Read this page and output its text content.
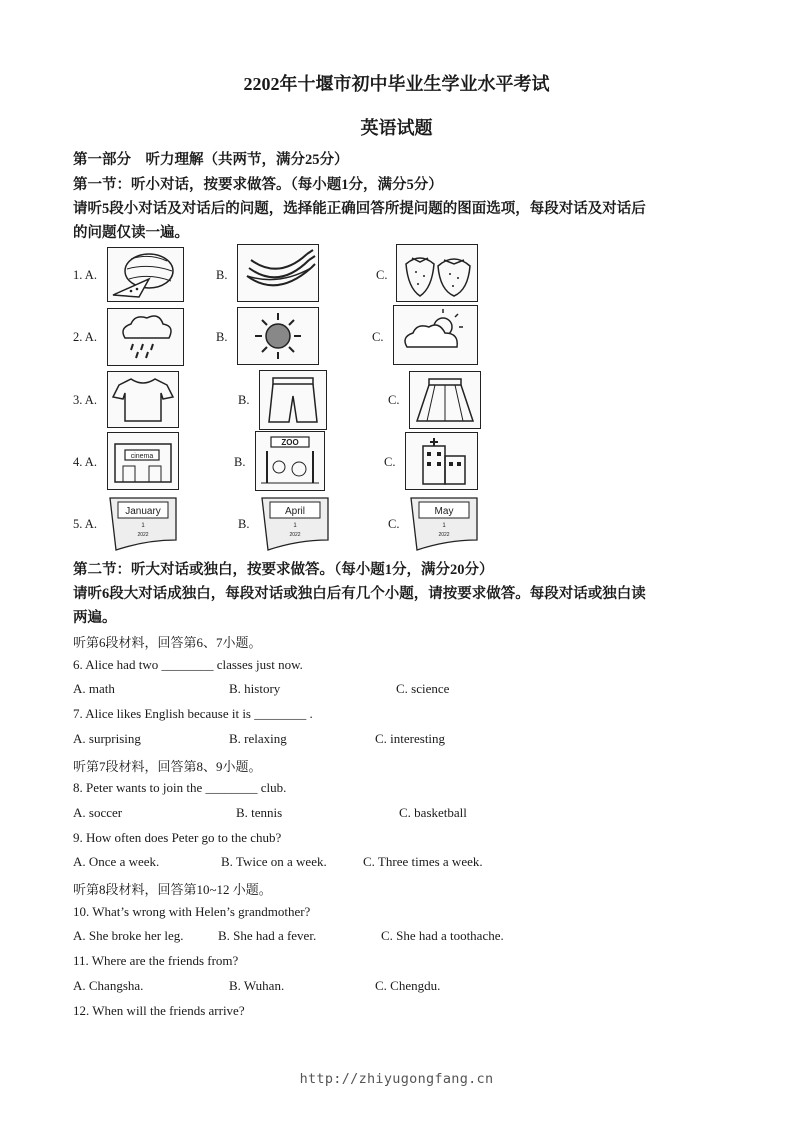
2202年十堰市初中毕业生学业水平考试
英语试题
第一部分　听力理解（共两节，满分25分）
第一节：听小对话，按要求做答。（每小题1分，满分5分）
请听5段小对话及对话后的问题，选择能正确回答所提问题的图面选项，每段对话及对话后
的问题仅读一遍。
1. A.	B.	C.
2. A.	B.	C.
3. A.	B.	C.
4. A.	cinema	B.
ZOO
C.
5. A.
January
1
2022
B.
April
1
2022
C.
May
1
2022
第二节：听大对话或独白，按要求做答。（每小题1分，满分20分）
请听6段大对话成独白，每段对话或独白后有几个小题，请按要求做答。每段对话或独白读
两遍。
听第6段材料，回答第6、7小题。
6. Alice had two ________ classes just now.
A. math	B. history	C. science
7. Alice likes English because it is ________ .
A. surprising	B. relaxing	C. interesting
听第7段材料，回答第8、9小题。
8. Peter wants to join the ________ club.
A. soccer	B. tennis	C. basketball
9. How often does Peter go to the chub?
A. Once a week.	B. Twice on a week.	C. Three times a week.
听第8段材料，回答第10~12 小题。
10. What’s wrong with Helen’s grandmother?
A. She broke her leg.	B. She had a fever.	C. She had a toothache.
11. Where are the friends from?
A. Changsha.	B. Wuhan.	C. Chengdu.
12. When will the friends arrive?
http://zhiyugongfang.cn
